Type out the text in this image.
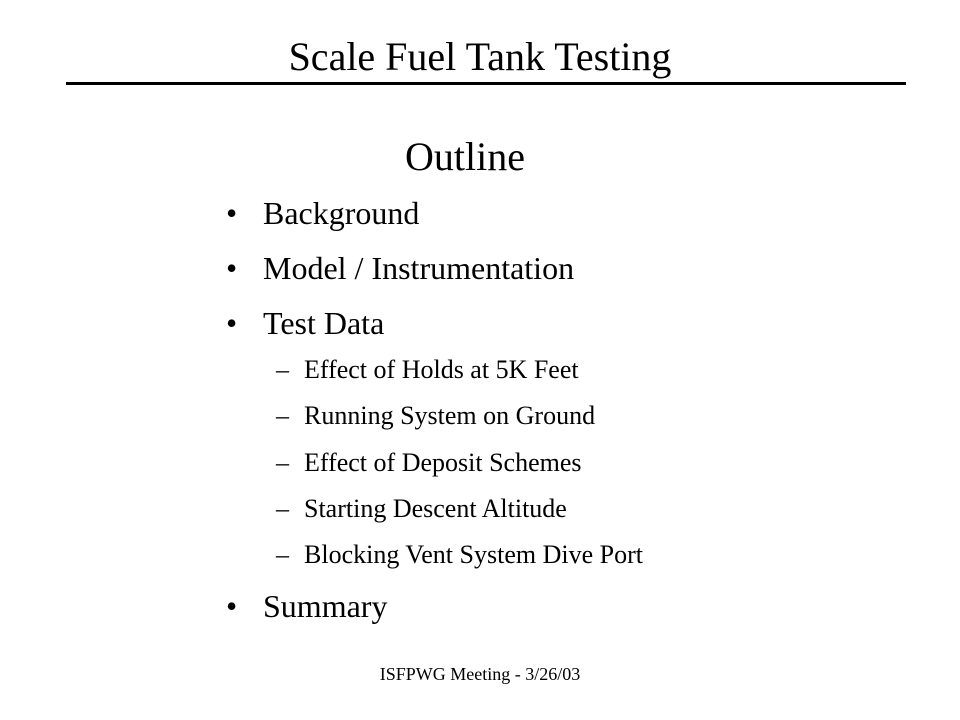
Scale Fuel Tank Testing
Outline
• Background
• Model / Instrumentation
• Test Data
– Effect of Holds at 5K Feet
– Running System on Ground
– Effect of Deposit Schemes
– Starting Descent Altitude
– Blocking Vent System Dive Port
• Summary
ISFPWG Meeting - 3/26/03
